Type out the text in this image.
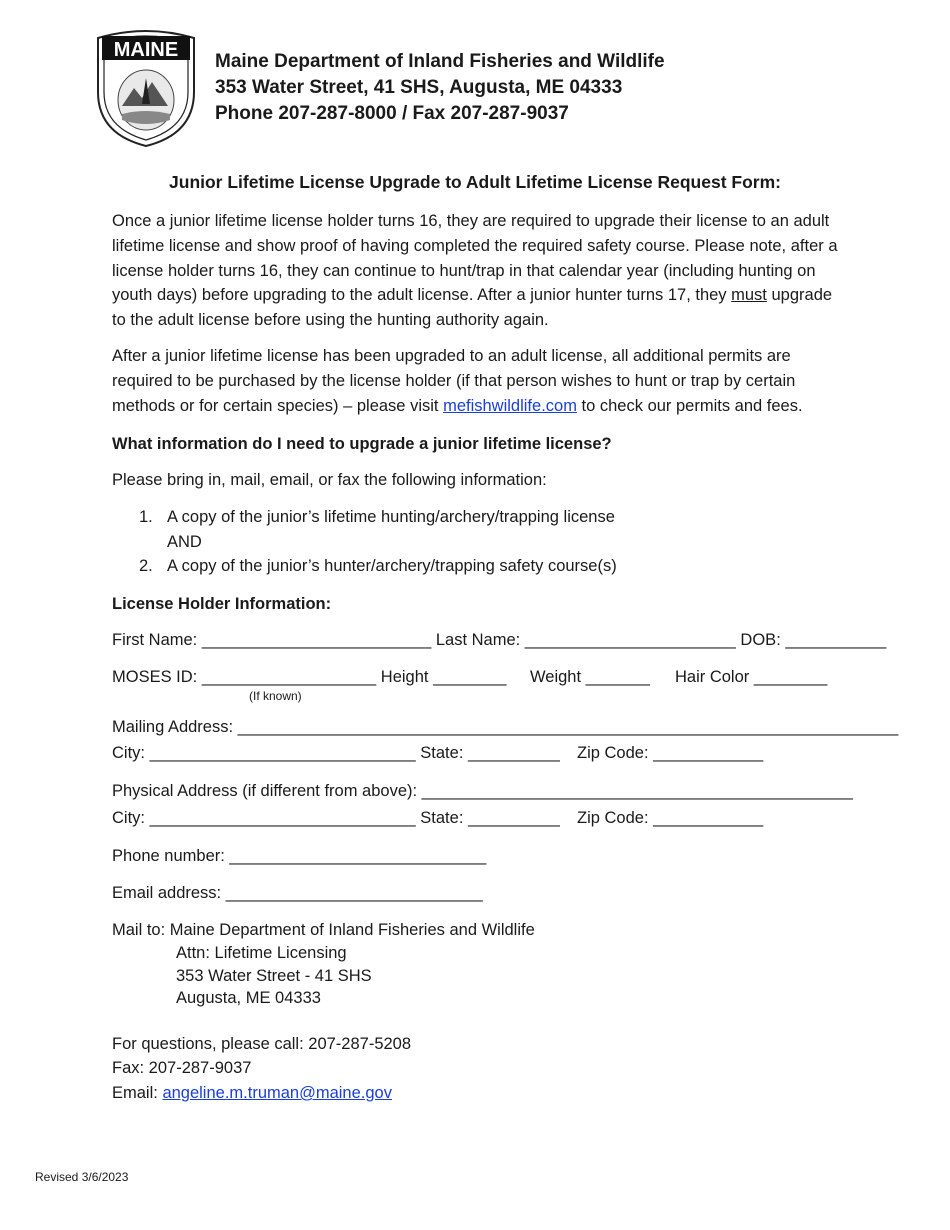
MAINE
Maine Department of Inland Fisheries and Wildlife
353 Water Street, 41 SHS, Augusta, ME 04333
Phone 207-287-8000 / Fax 207-287-9037
Junior Lifetime License Upgrade to Adult Lifetime License Request Form:

Once a junior lifetime license holder turns 16, they are required to upgrade their license to an adult lifetime license and show proof of having completed the required safety course. Please note, after a license holder turns 16, they can continue to hunt/trap in that calendar year (including hunting on youth days) before upgrading to the adult license. After a junior hunter turns 17, they must upgrade to the adult license before using the hunting authority again.

After a junior lifetime license has been upgraded to an adult license, all additional permits are required to be purchased by the license holder (if that person wishes to hunt or trap by certain methods or for certain species) – please visit mefishwildlife.com to check our permits and fees.

What information do I need to upgrade a junior lifetime license?
Please bring in, mail, email, or fax the following information:
1. A copy of the junior’s lifetime hunting/archery/trapping license
AND
2. A copy of the junior’s hunter/archery/trapping safety course(s)
License Holder Information:
First Name: _________________________ Last Name: _______________________ DOB: ___________
MOSES ID: ___________________ Height ________ Weight _______ Hair Color ________
(If known)
Mailing Address: ________________________________________________________________________
City: _____________________________ State: __________ Zip Code: ____________
Physical Address (if different from above): _______________________________________________
City: _____________________________ State: __________ Zip Code: ____________
Phone number: ____________________________
Email address: ____________________________
Mail to: Maine Department of Inland Fisheries and Wildlife
Attn: Lifetime Licensing
353 Water Street - 41 SHS
Augusta, ME 04333
For questions, please call: 207-287-5208
Fax: 207-287-9037
Email: angeline.m.truman@maine.gov
Revised 3/6/2023
